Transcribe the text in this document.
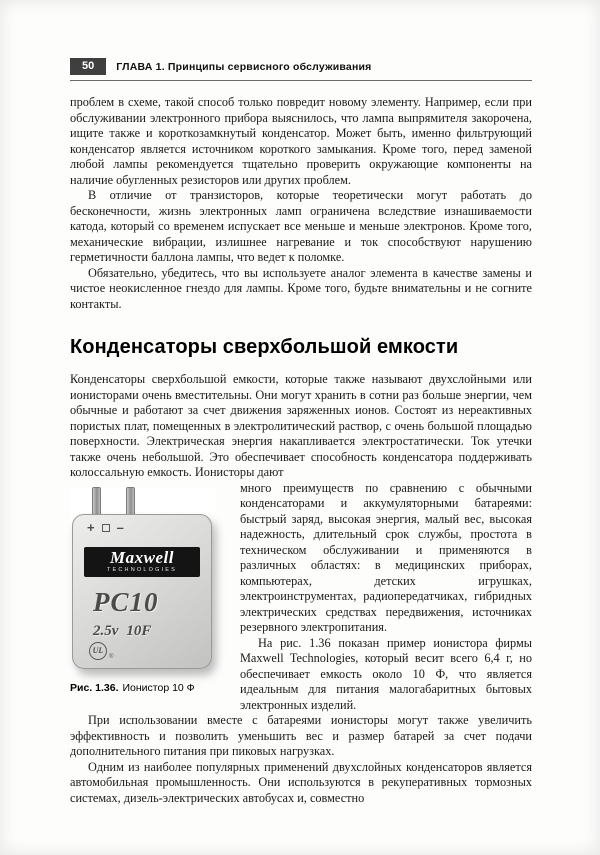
50	ГЛАВА 1. Принципы сервисного обслуживания

проблем в схеме, такой способ только повредит новому элементу. Например, если при обслуживании электронного прибора выяснилось, что лампа выпрямителя закорочена, ищите также и короткозамкнутый конденсатор. Может быть, именно фильтрующий конденсатор является источником короткого замыкания. Кроме того, перед заменой любой лампы рекомендуется тщательно проверить окружающие компоненты на наличие обугленных резисторов или других проблем.

В отличие от транзисторов, которые теоретически могут работать до бесконечности, жизнь электронных ламп ограничена вследствие изнашиваемости катода, который со временем испускает все меньше и меньше электронов. Кроме того, механические вибрации, излишнее нагревание и ток способствуют нарушению герметичности баллона лампы, что ведет к поломке.

Обязательно, убедитесь, что вы используете аналог элемента в качестве замены и чистое неокисленное гнездо для лампы. Кроме того, будьте внимательны и не согните контакты.

Конденсаторы сверхбольшой емкости

Конденсаторы сверхбольшой емкости, которые также называют двухслойными или ионисторами очень вместительны. Они могут хранить в сотни раз больше энергии, чем обычные и работают за счет движения заряженных ионов. Состоят из нереактивных пористых плат, помещенных в электролитический раствор, с очень большой площадью поверхности. Электрическая энергия накапливается электростатически. Ток утечки также очень небольшой. Это обеспечивает способность конденсатора поддерживать колоссальную емкость. Ионисторы дают

+ –
Maxwell
TECHNOLOGIES
PC10
2.5v 10F
UL
®
Рис. 1.36. Ионистор 10 Ф

много преимуществ по сравнению с обычными конденсаторами и аккумуляторными батареями: быстрый заряд, высокая энергия, малый вес, высокая надежность, длительный срок службы, простота в техническом обслуживании и применяются в различных областях: в медицинских приборах, компьютерах, детских игрушках, электроинструментах, радиопередатчиках, гибридных электрических средствах передвижения, источниках резервного электропитания.

На рис. 1.36 показан пример ионистора фирмы Maxwell Technologies, который весит всего 6,4 г, но обеспечивает емкость около 10 Ф, что является идеальным для питания малогабаритных бытовых электронных изделий.

При использовании вместе с батареями ионисторы могут также увеличить эффективность и позволить уменьшить вес и размер батарей за счет подачи дополнительного питания при пиковых нагрузках.

Одним из наиболее популярных применений двухслойных конденсаторов является автомобильная промышленность. Они используются в рекуперативных тормозных системах, дизель-электрических автобусах и, совместно
